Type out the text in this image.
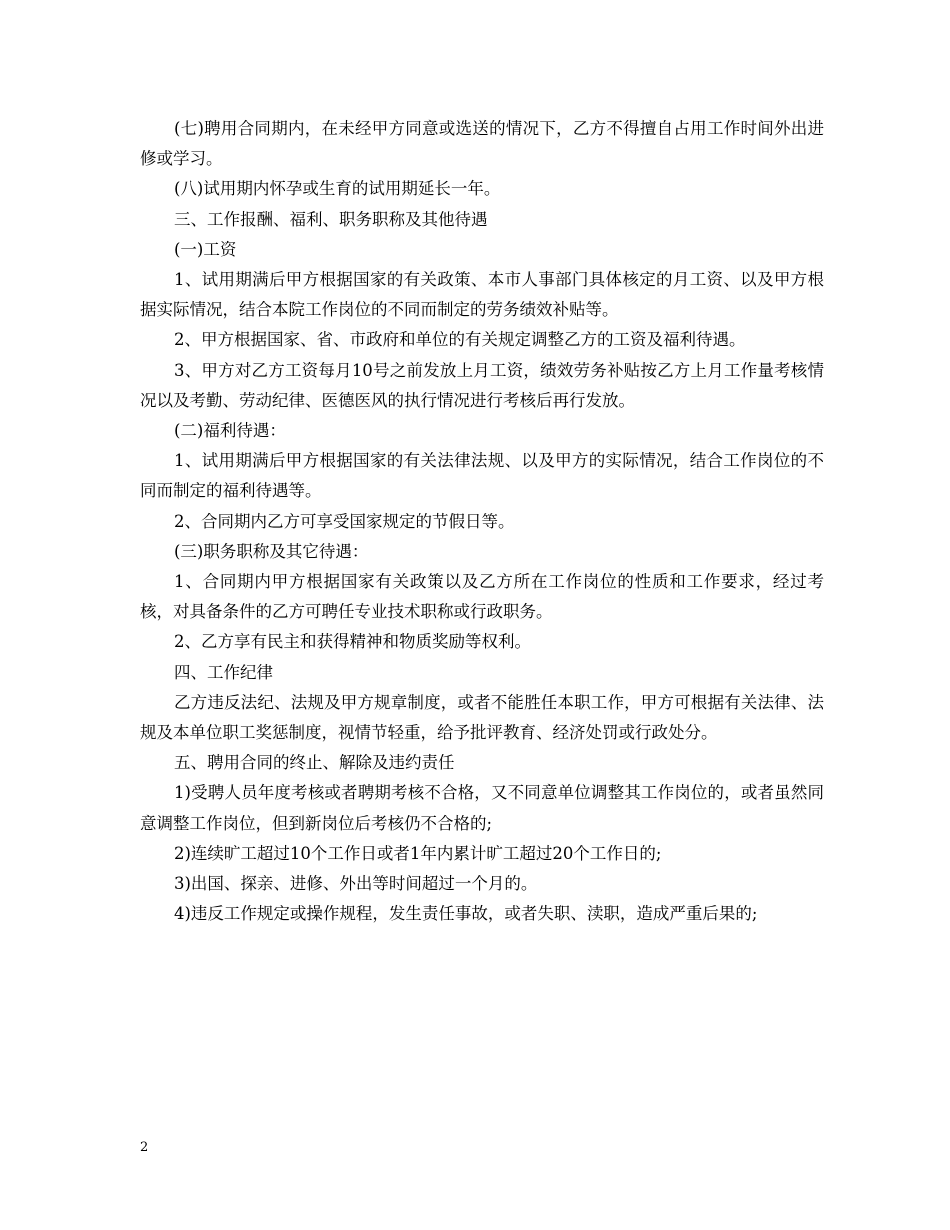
(七)聘用合同期内，在未经甲方同意或选送的情况下，乙方不得擅自占用工作时间外出进修或学习。

(八)试用期内怀孕或生育的试用期延长一年。

三、工作报酬、福利、职务职称及其他待遇

(一)工资

1、试用期满后甲方根据国家的有关政策、本市人事部门具体核定的月工资、以及甲方根据实际情况，结合本院工作岗位的不同而制定的劳务绩效补贴等。

2、甲方根据国家、省、市政府和单位的有关规定调整乙方的工资及福利待遇。

3、甲方对乙方工资每月10号之前发放上月工资，绩效劳务补贴按乙方上月工作量考核情况以及考勤、劳动纪律、医德医风的执行情况进行考核后再行发放。

(二)福利待遇：

1、试用期满后甲方根据国家的有关法律法规、以及甲方的实际情况，结合工作岗位的不同而制定的福利待遇等。

2、合同期内乙方可享受国家规定的节假日等。

(三)职务职称及其它待遇：

1、合同期内甲方根据国家有关政策以及乙方所在工作岗位的性质和工作要求，经过考核，对具备条件的乙方可聘任专业技术职称或行政职务。

2、乙方享有民主和获得精神和物质奖励等权利。

四、工作纪律

乙方违反法纪、法规及甲方规章制度，或者不能胜任本职工作，甲方可根据有关法律、法规及本单位职工奖惩制度，视情节轻重，给予批评教育、经济处罚或行政处分。

五、聘用合同的终止、解除及违约责任

1)受聘人员年度考核或者聘期考核不合格，又不同意单位调整其工作岗位的，或者虽然同意调整工作岗位，但到新岗位后考核仍不合格的;

2)连续旷工超过10个工作日或者1年内累计旷工超过20个工作日的;

3)出国、探亲、进修、外出等时间超过一个月的。

4)违反工作规定或操作规程，发生责任事故，或者失职、渎职，造成严重后果的;

2
